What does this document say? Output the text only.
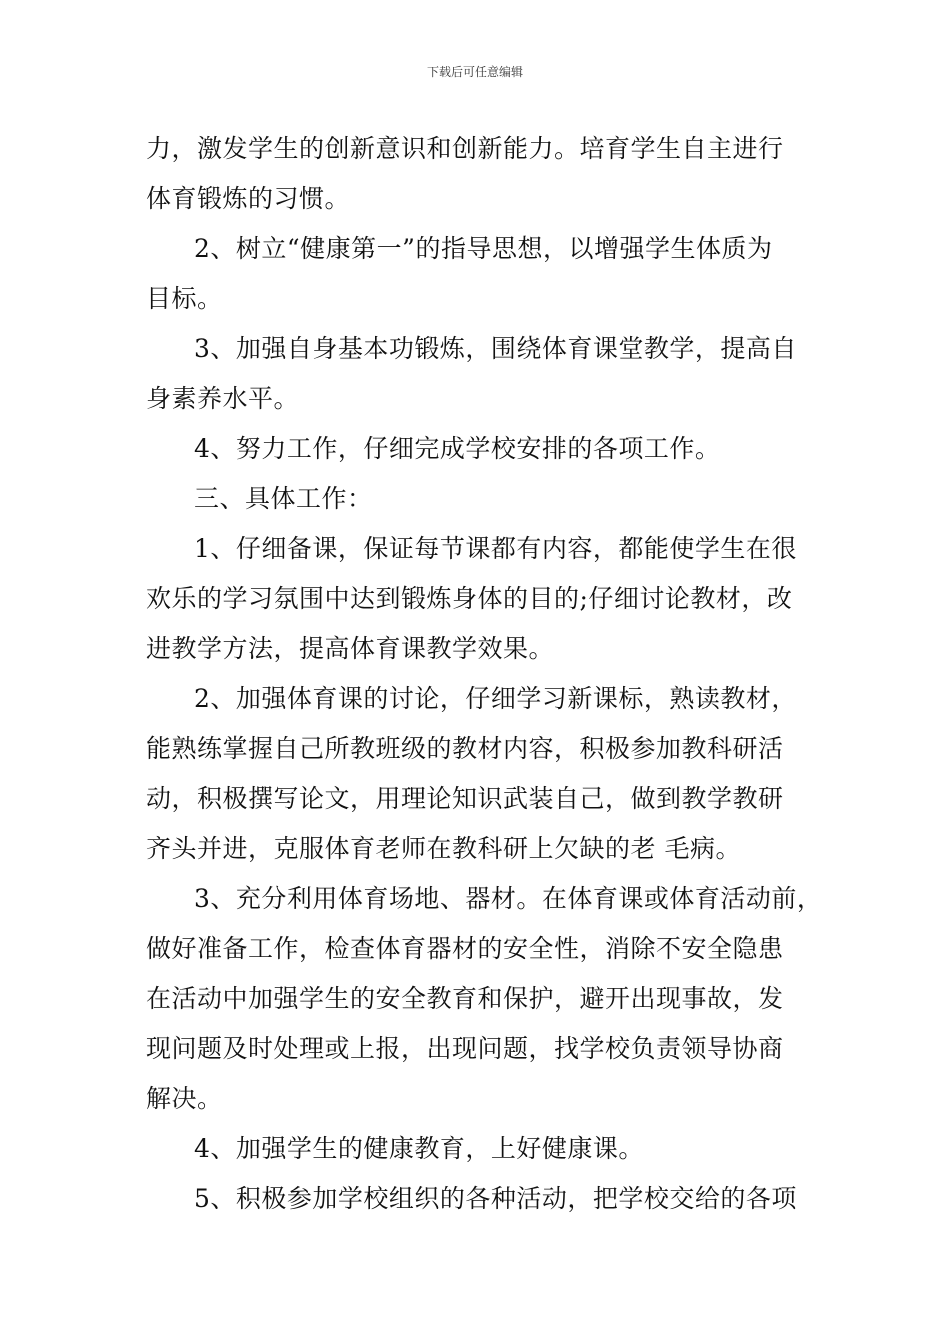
下载后可任意编辑
力，激发学生的创新意识和创新能力。培育学生自主进行
体育锻炼的习惯。
2、树立“健康第一”的指导思想，以增强学生体质为
目标。
3、加强自身基本功锻炼，围绕体育课堂教学，提高自
身素养水平。
4、努力工作，仔细完成学校安排的各项工作。
三、具体工作：
1、仔细备课，保证每节课都有内容，都能使学生在很
欢乐的学习氛围中达到锻炼身体的目的;仔细讨论教材，改
进教学方法，提高体育课教学效果。
2、加强体育课的讨论，仔细学习新课标，熟读教材，
能熟练掌握自己所教班级的教材内容，积极参加教科研活
动，积极撰写论文，用理论知识武装自己，做到教学教研
齐头并进，克服体育老师在教科研上欠缺的老 毛病。
3、充分利用体育场地、器材。在体育课或体育活动前，
做好准备工作，检查体育器材的安全性，消除不安全隐患
在活动中加强学生的安全教育和保护，避开出现事故，发
现问题及时处理或上报，出现问题，找学校负责领导协商
解决。
4、加强学生的健康教育，上好健康课。
5、积极参加学校组织的各种活动，把学校交给的各项
